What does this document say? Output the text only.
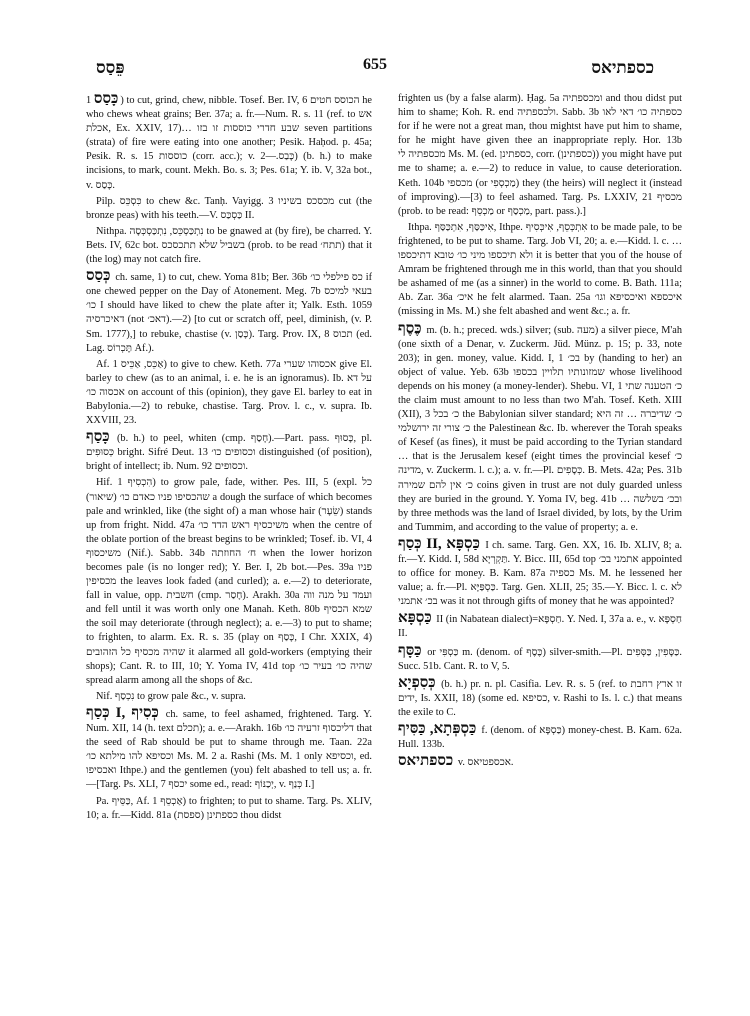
פֵּסַס	655	כספתיאס

כָּסַס 1) to cut, grind, chew, nibble. Tosef. Ber. IV, 6 הכוסס חטים he who chews wheat grains; Ber. 37a; a. fr.—Num. R. s. 11 (ref. to אש אכלת, Ex. XXIV, 17)… שבע חדרי כוססות זו בזו seven partitions (strata) of fire were eating into one another; Pesik. Haḥod. p. 45a; Pesik. R. s. 15 כוססות (corr. acc.); v. כָּבַס.—2) (b. h.) to make incisions, to mark, count. Mekh. Bo. s. 3; Pes. 61a; Y. ib. V, 32a bot., v. כָּסַס.

Pilp. כִּסְכֵּס to chew &c. Tanḥ. Vayigg. 3 מכסכס בשיניו cut (the bronze peas) with his teeth.—V. כַּסְכַּס II.

Nithpa. נִתְכַּסְכֵּס, נִתְכַּסְכְּסָה to be gnawed at (by fire), be charred. Y. Bets. IV, 62c bot. בשביל שלא תתכסכס (prob. to be read תתח׳) that it (the log) may not catch fire.

כְּסַס ch. same, 1) to cut, chew. Yoma 81b; Ber. 36b כס פילפלי כו׳ if one chewed pepper on the Day of Atonement. Meg. 7b בעאי למיכס כו׳ I should have liked to chew the plate after it; Yalk. Esth. 1059 דאיכרסיה (not דאכ׳).—2) [to cut or scratch off, peel, diminish, (v. P. Sm. 1777),] to rebuke, chastise (v. כָּסַן). Targ. Prov. IX, 8 תכוס (ed. Lag. תֶּכְרוֹס Af.).

Af. אַכֵּס, אַכֵּיס 1) to give to chew. Keth. 77a אכסוהו שערי give El. barley to chew (as to an animal, i. e. he is an ignoramus). Ib. על דא אכסוה כו׳ on account of this (opinion), they gave El. barley to eat in Babylonia.—2) to rebuke, chastise. Targ. Prov. l. c., v. supra. Ib. XXVIII, 23.

כָּסַף (b. h.) to peel, whiten (cmp. חָסַף).—Part. pass. כָּסוּף, pl. כְּסוּפִים bright. Sifré Deut. 13 וכסופים כו׳ distinguished (of position), bright of intellect; ib. Num. 92 וכסופים.

Hif. הִכְסִיף 1) to grow pale, fade, wither. Pes. III, 5 (expl. כל שהכסיפו פניו כאדם כו׳ (שיאור) a dough the surface of which becomes pale and wrinkled, like (the sight of) a man whose hair (שֵׂעָר) stands up from fright. Nidd. 47a משיכסיף ראש הדד כו׳ when the centre of the oblate portion of the breast begins to be wrinkled; Tosef. ib. VI, 4 משיכסוף (Nif.). Sabb. 34b ח׳ החוזתה when the lower horizon becomes pale (is no longer red); Y. Ber. I, 2b bot.—Pes. 39a פניו מכסיפין the leaves look faded (and curled); a. e.—2) to deteriorate, fall in value, opp. חשבית (cmp. חָסַר). Arakh. 30a ועמד על מנה ווה and fell until it was worth only one Manah. Keth. 80b שמא הכסיף the soil may deteriorate (through neglect); a. e.—3) to put to shame; to frighten, to alarm. Ex. R. s. 35 (play on כָּסַף, I Chr. XXIX, 4) שהיה מכסיף כל הזהובים it alarmed all gold-workers (emptying their shops); Cant. R. to III, 10; Y. Yoma IV, 41d top שהיה כו׳ בעיר כו׳ spread alarm among all the shops of &c.

Nif. נִכְסַף to grow pale &c., v. supra.

כְּסַף I, כְּסִיף ch. same, to feel ashamed, frightened. Targ. Y. Num. XII, 14 (h. text תכלם); a. e.—Arakh. 16b דליכסוף זרעיה כו׳ that the seed of Rab should be put to shame through me. Taan. 22a וכסיפא להו מילתא כו׳ Ms. M. 2 a. Rashi (Ms. M. 1 only וכסיפא, ed. ואכסיפו Ithpe.) and the gentlemen (you) felt abashed to tell us; a. fr.—[Targ. Ps. XLI, 7 יכסף some ed., read: יְכַנּוֹף, v. כְּנַף I.]

Pa. כַּסֵּיף, Af. אַכְסֵף 1) to frighten; to put to shame. Targ. Ps. XLIV, 10; a. fr.—Kidd. 81a כספתינן (ספסת) thou didst

frighten us (by a false alarm). Ḥag. 5a ומכספתיה and thou didst put him to shame; Koh. R. end ולכספתיה. Sabb. 3b כספתיה כו׳ דאי לאו for if he were not a great man, thou mightst have put him to shame, for he might have given thee an inappropriate reply. Hor. 13b מכספתיה לי Ms. M. (ed. כספתינן, corr. (כספתינן)) you might have put me to shame; a. e.—2) to reduce in value, to cause deterioration. Keth. 104b מכספי (or מַכְסְפִי) they (the heirs) will neglect it (instead of improving).—[3) to feel ashamed. Targ. Ps. LXXIV, 21 מכסיף (prob. to be read: מַכְסֵף or מַכְסַף, part. pass.).]

Ithpa. אִיכַּסַּף, אִתְכַּסַּף, Ithpe. אִתְכְּסֵף, אִיכְּסִיף to be made pale, to be frightened, to be put to shame. Targ. Job VI, 20; a. e.—Kidd. l. c. … ולא תיכספו מיני כו׳ טובא דתיכספו it is better that you of the house of Amram be frightened through me in this world, than that you should be ashamed of me (as a sinner) in the world to come. B. Bath. 111a; Ab. Zar. 36a איכ׳ he felt alarmed. Taan. 25a איכספא ואיכסיפא וגו׳ (missing in Ms. M.) she felt abashed and went &c.; a. fr.

כֶּסֶף m. (b. h.; preced. wds.) silver; (sub. מעה) a silver piece, M'ah (one sixth of a Denar, v. Zuckerm. Jüd. Münz. p. 15; p. 33, note 203); in gen. money, value. Kidd. I, 1 בכ׳ by (handing to her) an object of value. Yeb. 63b שמזונותיו תלויין בכספו whose livelihood depends on his money (a money-lender). Shebu. VI, 1 כ׳ הטענה שתי the claim must amount to no less than two M'ah. Tosef. Keth. XIII (XII), 3 כ׳ בכל the Babylonian silver standard; כ׳ שדיברה … זה היא כ׳ צורי זה ירושלמי the Palestinean &c. Ib. wherever the Torah speaks of Kesef (as fines), it must be paid according to the Tyrian standard … that is the Jerusalem kesef (eight times the provincial kesef כ׳ מדינה, v. Zuckerm. l. c.); a. v. fr.—Pl. כְּסָפִים. B. Mets. 42a; Pes. 31b כ׳ אין להם שמירה coins given in trust are not duly guarded unless they are buried in the ground. Y. Yoma IV, beg. 41b … ובכ׳ בשלשה by three methods was the land of Israel divided, by lots, by the Urim and Tummim, and according to the value of property; a. e.

כְּסַף II, כַּסְפָּא I ch. same. Targ. Gen. XX, 16. Ib. XLIV, 8; a. fr.—Y. Kidd. I, 58d תַּקְרְיָא. Y. Bicc. III, 65d top אתמני בכ׳ appointed to office for money. B. Kam. 87a כספיה Ms. M. he lessened her value; a. fr.—Pl. כַּסְפַּיָּא. Targ. Gen. XLII, 25; 35.—Y. Bicc. l. c. לא בכ׳ אתמני was it not through gifts of money that he was appointed?

כַּסְפָּא II (in Nabatean dialect)=חַסְפָּא. Y. Ned. I, 37a a. e., v. חַסְפָּא II.

כַּסָּף or כַּסְפִּי m. (denom. of כֶּסֶף) silver-smith.—Pl. כַּסָּפִין, כַּסְּפִים. Succ. 51b. Cant. R. to V, 5.

כְּסִפְיָא (b. h.) pr. n. pl. Casifia. Lev. R. s. 5 (ref. to זו ארץ רחבת ידים, Is. XXII, 18) (some ed. כסיפא, v. Rashi to Is. l. c.) that means the exile to C.

כַּסְפְּתָא, כַּסִּיף f. (denom. of כַּסְפָּא) money-chest. B. Kam. 62a. Hull. 133b.

כספתיאס v. אכספטיאס.
